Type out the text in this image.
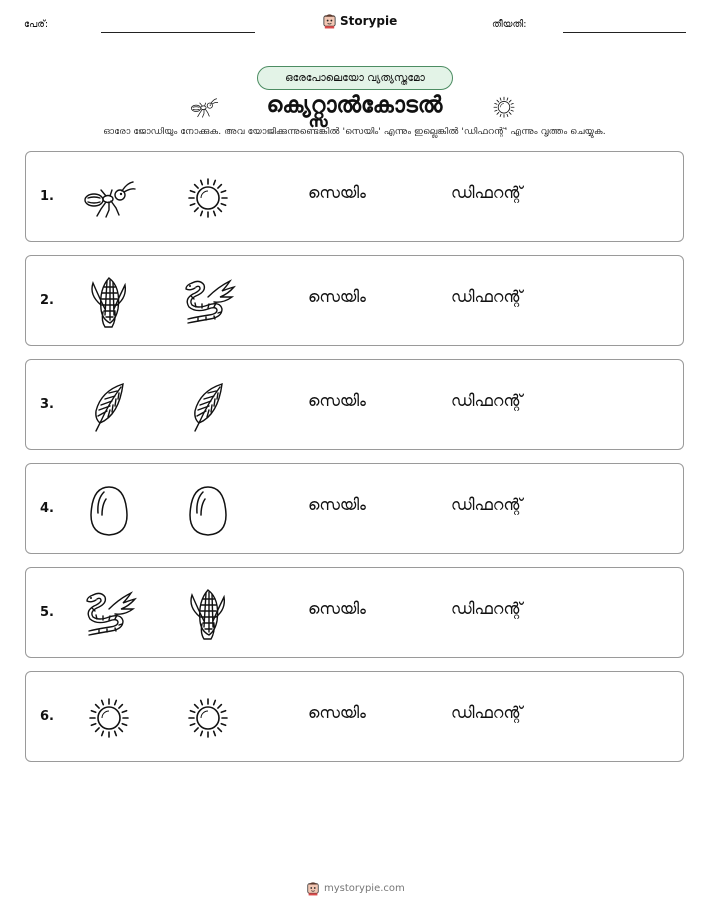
പേര്:	Storypie	തീയതി:
ഒരേപോലെയോ വ്യത്യസ്തമോ
ക്യെറ്റ്സാൽകോടൽ
ഓരോ ജോഡിയും നോക്കുക. അവ യോജിക്കുന്നുണ്ടെങ്കിൽ 'സെയിം' എന്നും ഇല്ലെങ്കിൽ 'ഡിഫറന്റ്' എന്നും വൃത്തം ചെയ്യുക.
1.	സെയിം	ഡിഫറന്റ്
2.	സെയിം	ഡിഫറന്റ്
3.	സെയിം	ഡിഫറന്റ്
4.	സെയിം	ഡിഫറന്റ്
5.	സെയിം	ഡിഫറന്റ്
6.	സെയിം	ഡിഫറന്റ്
mystorypie.com
